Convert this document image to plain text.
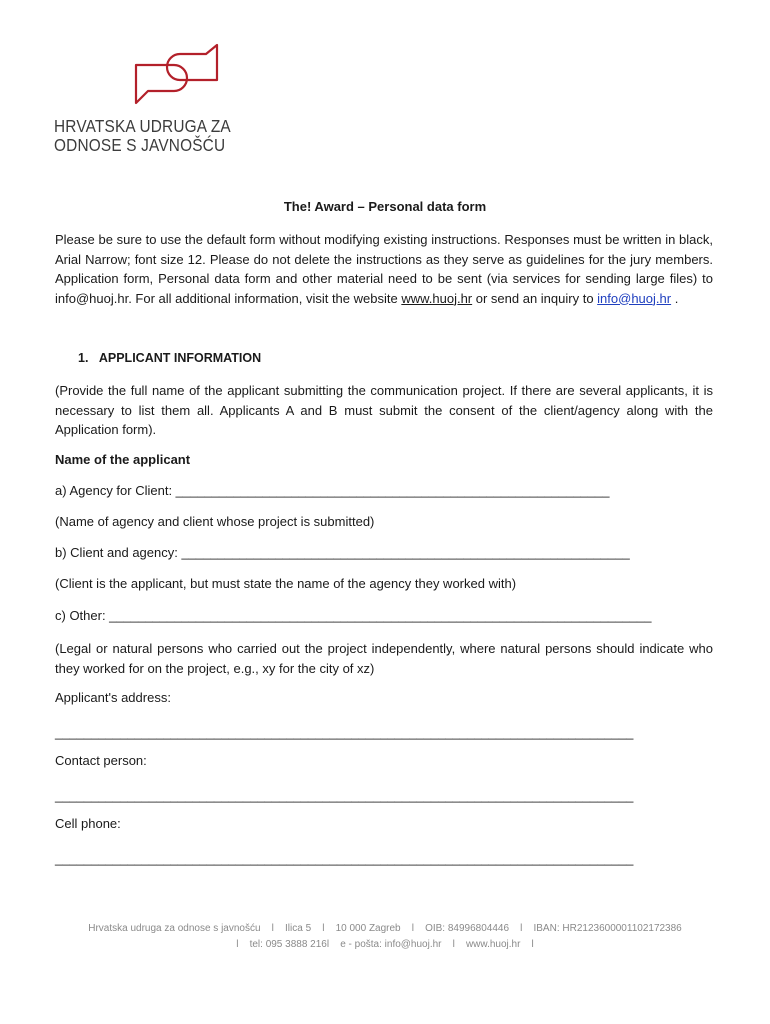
HRVATSKA UDRUGA ZA
ODNOSE S JAVNOŠĆU
The! Award – Personal data form
Please be sure to use the default form without modifying existing instructions. Responses must be written in black, Arial Narrow; font size 12. Please do not delete the instructions as they serve as guidelines for the jury members. Application form, Personal data form and other material need to be sent (via services for sending large files) to info@huoj.hr. For all additional information, visit the website www.huoj.hr or send an inquiry to info@huoj.hr .
1. APPLICANT INFORMATION
(Provide the full name of the applicant submitting the communication project. If there are several applicants, it is necessary to list them all. Applicants A and B must submit the consent of the client/agency along with the Application form).
Name of the applicant
a) Agency for Client: ____________________________________________________________
(Name of agency and client whose project is submitted)
b) Client and agency: ______________________________________________________________
(Client is the applicant, but must state the name of the agency they worked with)
c) Other: ___________________________________________________________________________
(Legal or natural persons who carried out the project independently, where natural persons should indicate who they worked for on the project, e.g., xy for the city of xz)
Applicant's address:
________________________________________________________________________________
Contact person:
________________________________________________________________________________
Cell phone:
________________________________________________________________________________
Hrvatska udruga za odnose s javnošću    l    Ilica 5    l    10 000 Zagreb    l    OIB: 84996804446    l    IBAN: HR2123600001102172386
l    tel: 095 3888 216l    e - pošta: info@huoj.hr    l    www.huoj.hr    l
